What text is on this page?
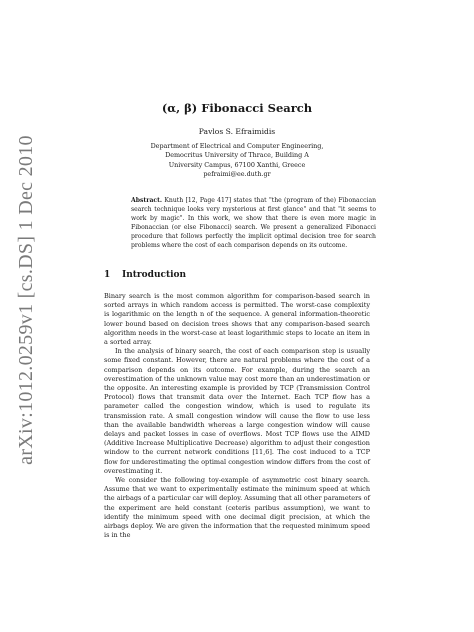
arXiv:1012.0259v1 [cs.DS] 1 Dec 2010
(α, β) Fibonacci Search
Pavlos S. Efraimidis
Department of Electrical and Computer Engineering,
Democritus University of Thrace, Building A
University Campus, 67100 Xanthi, Greece
pefraimi@ee.duth.gr
Abstract. Knuth [12, Page 417] states that "the (program of the) Fibonaccian search technique looks very mysterious at first glance" and that "it seems to work by magic". In this work, we show that there is even more magic in Fibonaccian (or else Fibonacci) search. We present a generalized Fibonacci procedure that follows perfectly the implicit optimal decision tree for search problems where the cost of each comparison depends on its outcome.
1 Introduction

Binary search is the most common algorithm for comparison-based search in sorted arrays in which random access is permitted. The worst-case complexity is logarithmic on the length n of the sequence. A general information-theoretic lower bound based on decision trees shows that any comparison-based search algorithm needs in the worst-case at least logarithmic steps to locate an item in a sorted array.

In the analysis of binary search, the cost of each comparison step is usually some fixed constant. However, there are natural problems where the cost of a comparison depends on its outcome. For example, during the search an overestimation of the unknown value may cost more than an underestimation or the opposite. An interesting example is provided by TCP (Transmission Control Protocol) flows that transmit data over the Internet. Each TCP flow has a parameter called the congestion window, which is used to regulate its transmission rate. A small congestion window will cause the flow to use less than the available bandwidth whereas a large congestion window will cause delays and packet losses in case of overflows. Most TCP flows use the AIMD (Additive Increase Multiplicative Decrease) algorithm to adjust their congestion window to the current network conditions [11,6]. The cost induced to a TCP flow for underestimating the optimal congestion window differs from the cost of overestimating it.

We consider the following toy-example of asymmetric cost binary search. Assume that we want to experimentally estimate the minimum speed at which the airbags of a particular car will deploy. Assuming that all other parameters of the experiment are held constant (ceteris paribus assumption), we want to identify the minimum speed with one decimal digit precision, at which the airbags deploy. We are given the information that the requested minimum speed is in the
